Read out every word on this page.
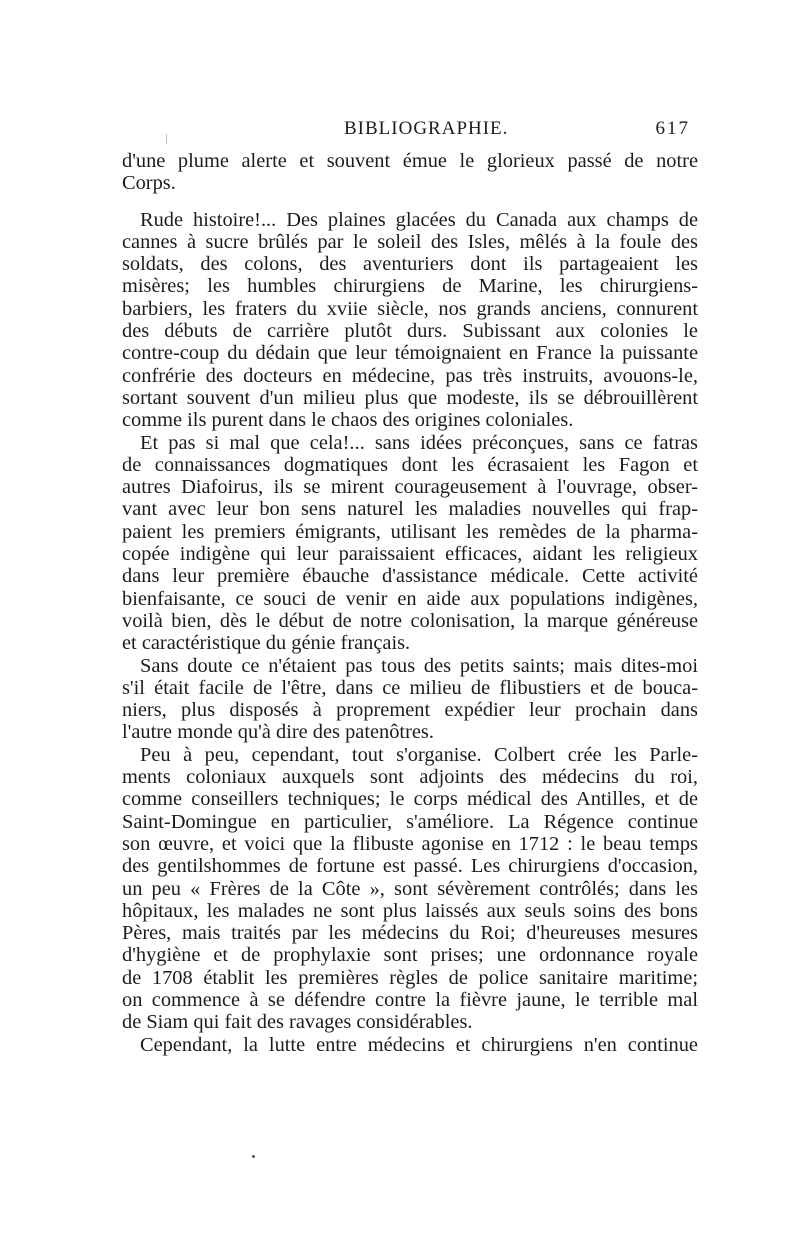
BIBLIOGRAPHIE.	617
d'une plume alerte et souvent émue le glorieux passé de notre
Corps.
Rude histoire!... Des plaines glacées du Canada aux champs de
cannes à sucre brûlés par le soleil des Isles, mêlés à la foule des
soldats, des colons, des aventuriers dont ils partageaient les
misères; les humbles chirurgiens de Marine, les chirurgiens-
barbiers, les fraters du xviie siècle, nos grands anciens, connurent
des débuts de carrière plutôt durs. Subissant aux colonies le
contre-coup du dédain que leur témoignaient en France la puissante
confrérie des docteurs en médecine, pas très instruits, avouons-le,
sortant souvent d'un milieu plus que modeste, ils se débrouillèrent
comme ils purent dans le chaos des origines coloniales.
Et pas si mal que cela!... sans idées préconçues, sans ce fatras
de connaissances dogmatiques dont les écrasaient les Fagon et
autres Diafoirus, ils se mirent courageusement à l'ouvrage, obser-
vant avec leur bon sens naturel les maladies nouvelles qui frap-
paient les premiers émigrants, utilisant les remèdes de la pharma-
copée indigène qui leur paraissaient efficaces, aidant les religieux
dans leur première ébauche d'assistance médicale. Cette activité
bienfaisante, ce souci de venir en aide aux populations indigènes,
voilà bien, dès le début de notre colonisation, la marque généreuse
et caractéristique du génie français.
Sans doute ce n'étaient pas tous des petits saints; mais dites-moi
s'il était facile de l'être, dans ce milieu de flibustiers et de bouca-
niers, plus disposés à proprement expédier leur prochain dans
l'autre monde qu'à dire des patenôtres.
Peu à peu, cependant, tout s'organise. Colbert crée les Parle-
ments coloniaux auxquels sont adjoints des médecins du roi,
comme conseillers techniques; le corps médical des Antilles, et de
Saint-Domingue en particulier, s'améliore. La Régence continue
son œuvre, et voici que la flibuste agonise en 1712 : le beau temps
des gentilshommes de fortune est passé. Les chirurgiens d'occasion,
un peu « Frères de la Côte », sont sévèrement contrôlés; dans les
hôpitaux, les malades ne sont plus laissés aux seuls soins des bons
Pères, mais traités par les médecins du Roi; d'heureuses mesures
d'hygiène et de prophylaxie sont prises; une ordonnance royale
de 1708 établit les premières règles de police sanitaire maritime;
on commence à se défendre contre la fièvre jaune, le terrible mal
de Siam qui fait des ravages considérables.
Cependant, la lutte entre médecins et chirurgiens n'en continue
